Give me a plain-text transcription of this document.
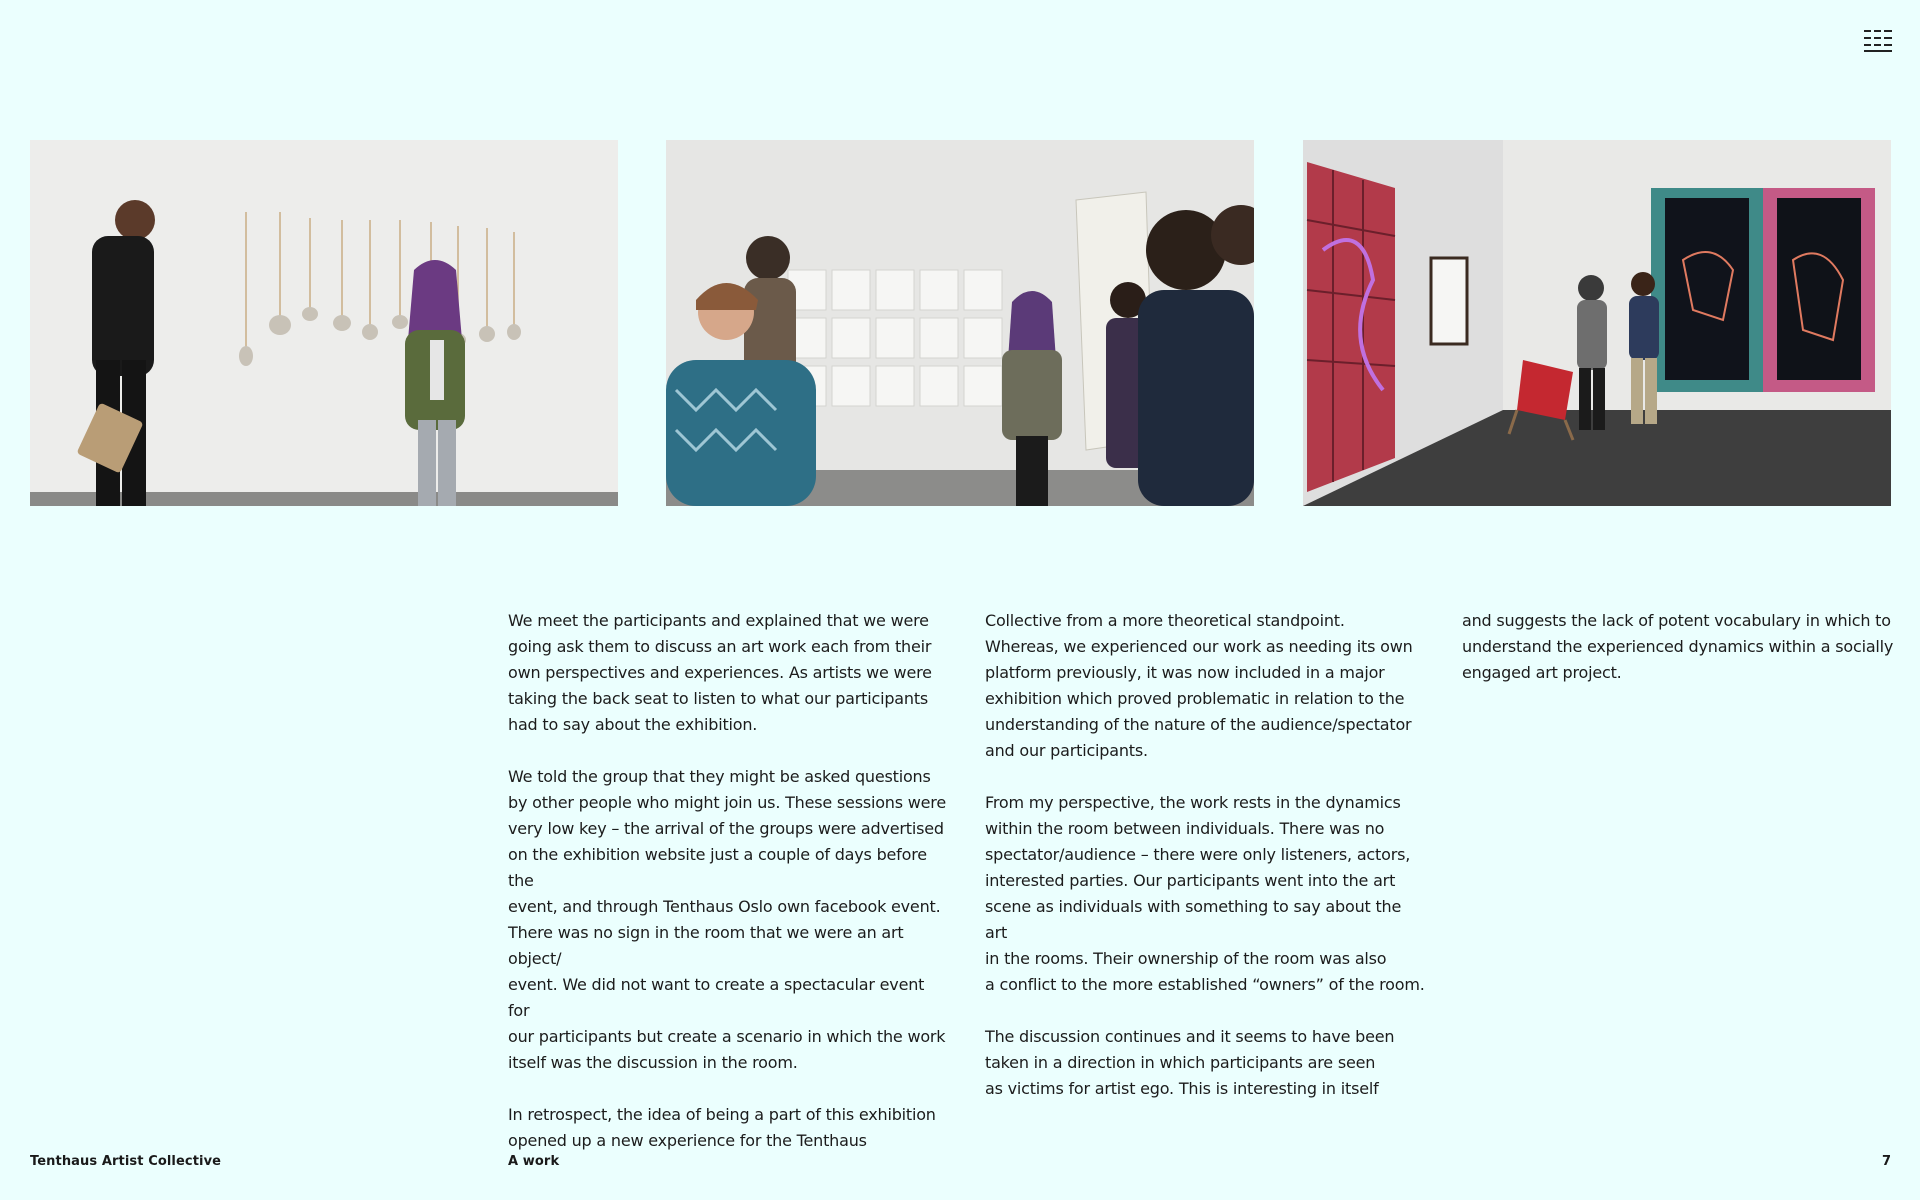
We meet the participants and explained that we were
going ask them to discuss an art work each from their
own perspectives and experiences. As artists we were
taking the back seat to listen to what our participants
had to say about the exhibition.

We told the group that they might be asked questions
by other people who might join us. These sessions were
very low key – the arrival of the groups were advertised
on the exhibition website just a couple of days before the
event, and through Tenthaus Oslo own facebook event.
There was no sign in the room that we were an art object/
event. We did not want to create a spectacular event for
our participants but create a scenario in which the work
itself was the discussion in the room.

In retrospect, the idea of being a part of this exhibition
opened up a new experience for the Tenthaus

Collective from a more theoretical standpoint.
Whereas, we experienced our work as needing its own
platform previously, it was now included in a major
exhibition which proved problematic in relation to the
understanding of the nature of the audience/spectator
and our participants.

From my perspective, the work rests in the dynamics
within the room between individuals. There was no
spectator/audience – there were only listeners, actors,
interested parties. Our participants went into the art
scene as individuals with something to say about the art
in the rooms. Their ownership of the room was also
a conflict to the more established “owners” of the room.

The discussion continues and it seems to have been
taken in a direction in which participants are seen
as victims for artist ego. This is interesting in itself

and suggests the lack of potent vocabulary in which to
understand the experienced dynamics within a socially
engaged art project.

Tenthaus Artist Collective	A work	7
